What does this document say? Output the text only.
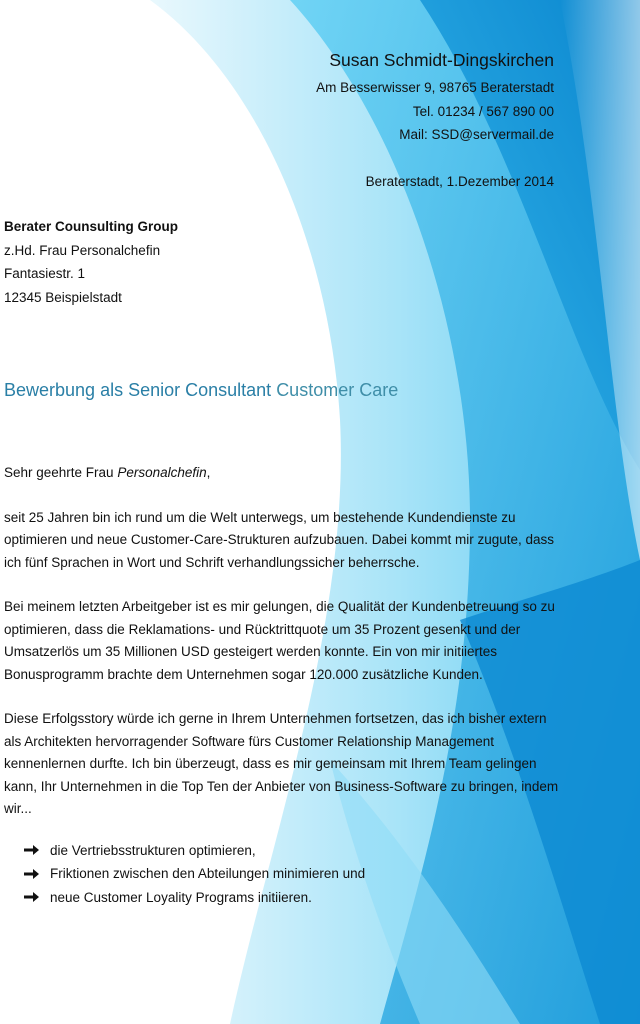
Susan Schmidt-Dingskirchen
Am Besserwisser 9, 98765 Beraterstadt
Tel. 01234 / 567 890 00
Mail: SSD@servermail.de
Beraterstadt, 1.Dezember 2014
Berater Counsulting Group
z.Hd. Frau Personalchefin
Fantasiestr. 1
12345 Beispielstadt
Bewerbung als Senior Consultant Customer Care

Sehr geehrte Frau Personalchefin,

seit 25 Jahren bin ich rund um die Welt unterwegs, um bestehende Kundendienste zu optimieren und neue Customer-Care-Strukturen aufzubauen. Dabei kommt mir zugute, dass ich fünf Sprachen in Wort und Schrift verhandlungssicher beherrsche.

Bei meinem letzten Arbeitgeber ist es mir gelungen, die Qualität der Kundenbetreuung so zu optimieren, dass die Reklamations- und Rücktrittquote um 35 Prozent gesenkt und der Umsatzerlös um 35 Millionen USD gesteigert werden konnte. Ein von mir initiiertes Bonusprogramm brachte dem Unternehmen sogar 120.000 zusätzliche Kunden.

Diese Erfolgsstory würde ich gerne in Ihrem Unternehmen fortsetzen, das ich bisher extern als Architekten hervorragender Software fürs Customer Relationship Management kennenlernen durfte. Ich bin überzeugt, dass es mir gemeinsam mit Ihrem Team gelingen kann, Ihr Unternehmen in die Top Ten der Anbieter von Business-Software zu bringen, indem wir...

die Vertriebsstrukturen optimieren,
Friktionen zwischen den Abteilungen minimieren und
neue Customer Loyality Programs initiieren.
